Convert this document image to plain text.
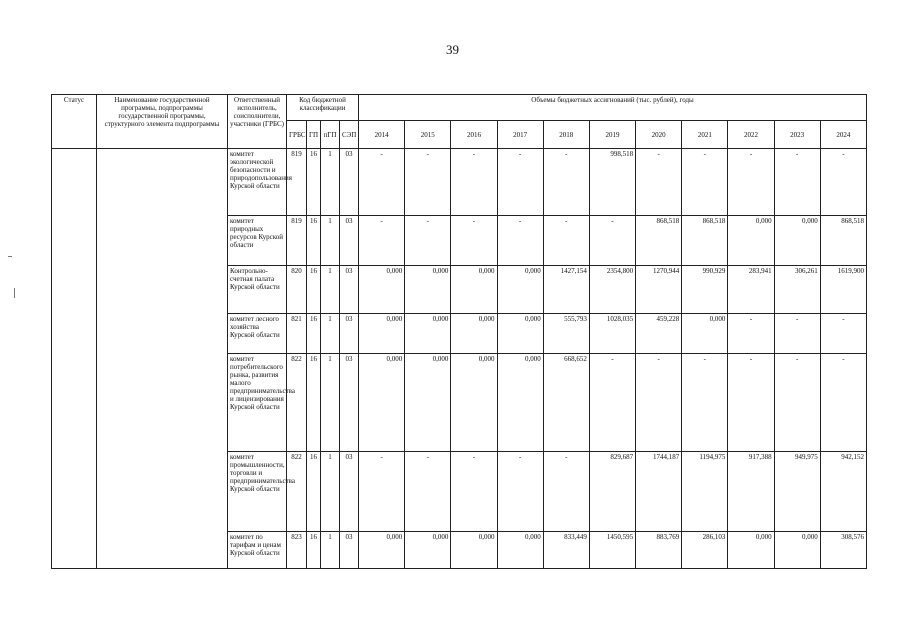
39
Статус	Наименование государственной программы, подпрограммы государственной программы, структурного элемента подпрограммы	Ответственный исполнитель, соисполнители, участники (ГРБС)	Код бюджетной классификации				Объемы бюджетных ассигнований (тыс. рублей), годы										
			ГРБС	ГП	пГП	СЭП	2014	2015	2016	2017	2018	2019	2020	2021	2022	2023	2024
		комитет экологической безопасности и природопользования Курской области	819	16	1	03	-	-	-	-	-	998,518	-	-	-	-	-
		комитет природных ресурсов Курской области	819	16	1	03	-	-	-	-	-	-	868,518	868,518	0,000	0,000	868,518
		Контрольно-счетная палата Курской области	820	16	1	03	0,000	0,000	0,000	0,000	1427,154	2354,800	1270,944	990,929	283,941	306,261	1619,900
		комитет лесного хозяйства Курской области	821	16	1	03	0,000	0,000	0,000	0,000	555,793	1028,035	459,228	0,000	-	-	-
		комитет потребительского рынка, развития малого предпринимательства и лицензирования Курской области	822	16	1	03	0,000	0,000	0,000	0,000	668,652	-	-	-	-	-	-
		комитет промышленности, торговли и предпринимательства Курской области	822	16	1	03	-	-	-	-	-	829,687	1744,187	1194,975	917,388	949,975	942,152
		комитет по тарифам и ценам Курской области	823	16	1	03	0,000	0,000	0,000	0,000	833,449	1450,595	883,769	286,103	0,000	0,000	308,576
